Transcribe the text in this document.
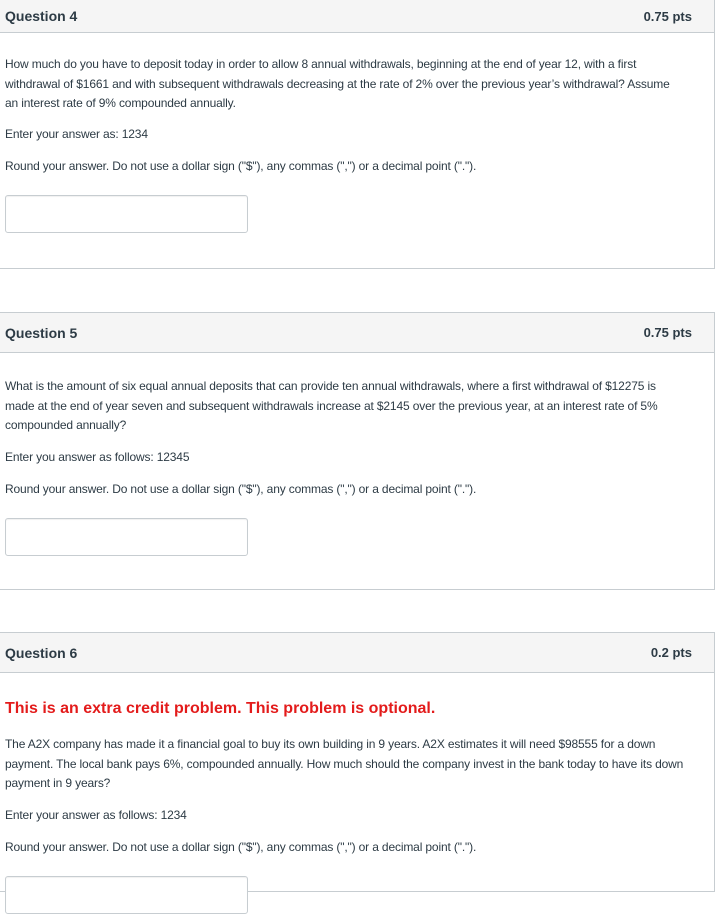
Question 4	0.75 pts

How much do you have to deposit today in order to allow 8 annual withdrawals, beginning at the end of year 12, with a first withdrawal of $1661 and with subsequent withdrawals decreasing at the rate of 2% over the previous year’s withdrawal? Assume an interest rate of 9% compounded annually.

Enter your answer as: 1234

Round your answer. Do not use a dollar sign ("$"), any commas (",") or a decimal point (".").

Question 5	0.75 pts

What is the amount of six equal annual deposits that can provide ten annual withdrawals, where a first withdrawal of $12275 is made at the end of year seven and subsequent withdrawals increase at $2145 over the previous year, at an interest rate of 5% compounded annually?

Enter you answer as follows: 12345

Round your answer. Do not use a dollar sign ("$"), any commas (",") or a decimal point (".").

Question 6	0.2 pts

This is an extra credit problem. This problem is optional.

The A2X company has made it a financial goal to buy its own building in 9 years. A2X estimates it will need $98555 for a down payment. The local bank pays 6%, compounded annually. How much should the company invest in the bank today to have its down payment in 9 years?

Enter your answer as follows: 1234

Round your answer. Do not use a dollar sign ("$"), any commas (",") or a decimal point (".").
